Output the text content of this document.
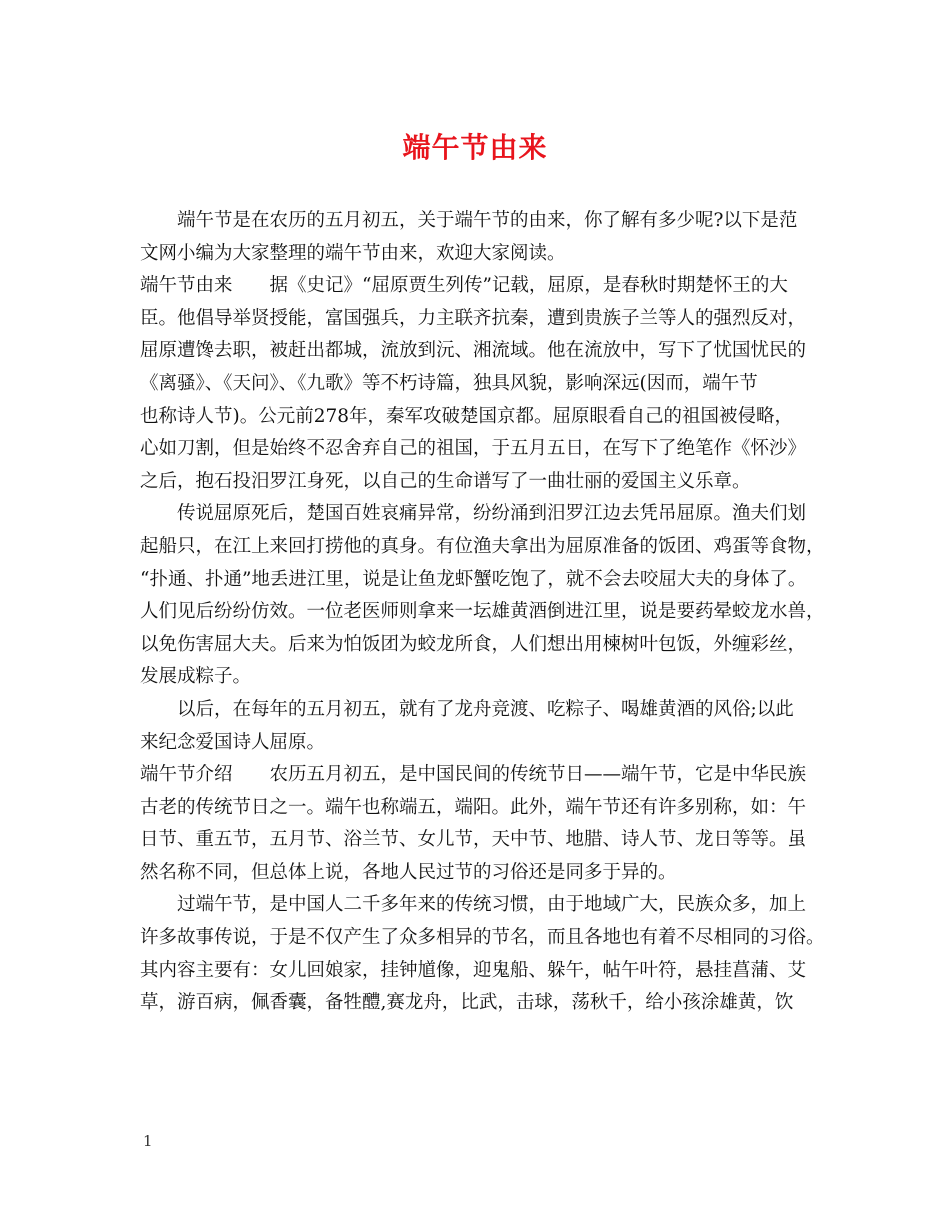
端午节由来
端午节是在农历的五月初五，关于端午节的由来，你了解有多少呢?以下是范
文网小编为大家整理的端午节由来，欢迎大家阅读。
端午节由来 据《史记》“屈原贾生列传”记载，屈原，是春秋时期楚怀王的大
臣。他倡导举贤授能，富国强兵，力主联齐抗秦，遭到贵族子兰等人的强烈反对，
屈原遭馋去职，被赶出都城，流放到沅、湘流域。他在流放中，写下了忧国忧民的
《离骚》、《天问》、《九歌》等不朽诗篇，独具风貌，影响深远(因而，端午节
也称诗人节)。公元前278年，秦军攻破楚国京都。屈原眼看自己的祖国被侵略，
心如刀割，但是始终不忍舍弃自己的祖国，于五月五日，在写下了绝笔作《怀沙》
之后，抱石投汨罗江身死，以自己的生命谱写了一曲壮丽的爱国主义乐章。
传说屈原死后，楚国百姓哀痛异常，纷纷涌到汨罗江边去凭吊屈原。渔夫们划
起船只，在江上来回打捞他的真身。有位渔夫拿出为屈原准备的饭团、鸡蛋等食物，
“扑通、扑通”地丢进江里，说是让鱼龙虾蟹吃饱了，就不会去咬屈大夫的身体了。
人们见后纷纷仿效。一位老医师则拿来一坛雄黄酒倒进江里，说是要药晕蛟龙水兽，
以免伤害屈大夫。后来为怕饭团为蛟龙所食，人们想出用楝树叶包饭，外缠彩丝，
发展成粽子。
以后，在每年的五月初五，就有了龙舟竞渡、吃粽子、喝雄黄酒的风俗;以此
来纪念爱国诗人屈原。
端午节介绍 农历五月初五，是中国民间的传统节日——端午节，它是中华民族
古老的传统节日之一。端午也称端五，端阳。此外，端午节还有许多别称，如：午
日节、重五节，五月节、浴兰节、女儿节，天中节、地腊、诗人节、龙日等等。虽
然名称不同，但总体上说，各地人民过节的习俗还是同多于异的。
过端午节，是中国人二千多年来的传统习惯，由于地域广大，民族众多，加上
许多故事传说，于是不仅产生了众多相异的节名，而且各地也有着不尽相同的习俗。
其内容主要有：女儿回娘家，挂钟馗像，迎鬼船、躲午，帖午叶符，悬挂菖蒲、艾
草，游百病，佩香囊，备牲醴,赛龙舟，比武，击球，荡秋千，给小孩涂雄黄，饮
1
